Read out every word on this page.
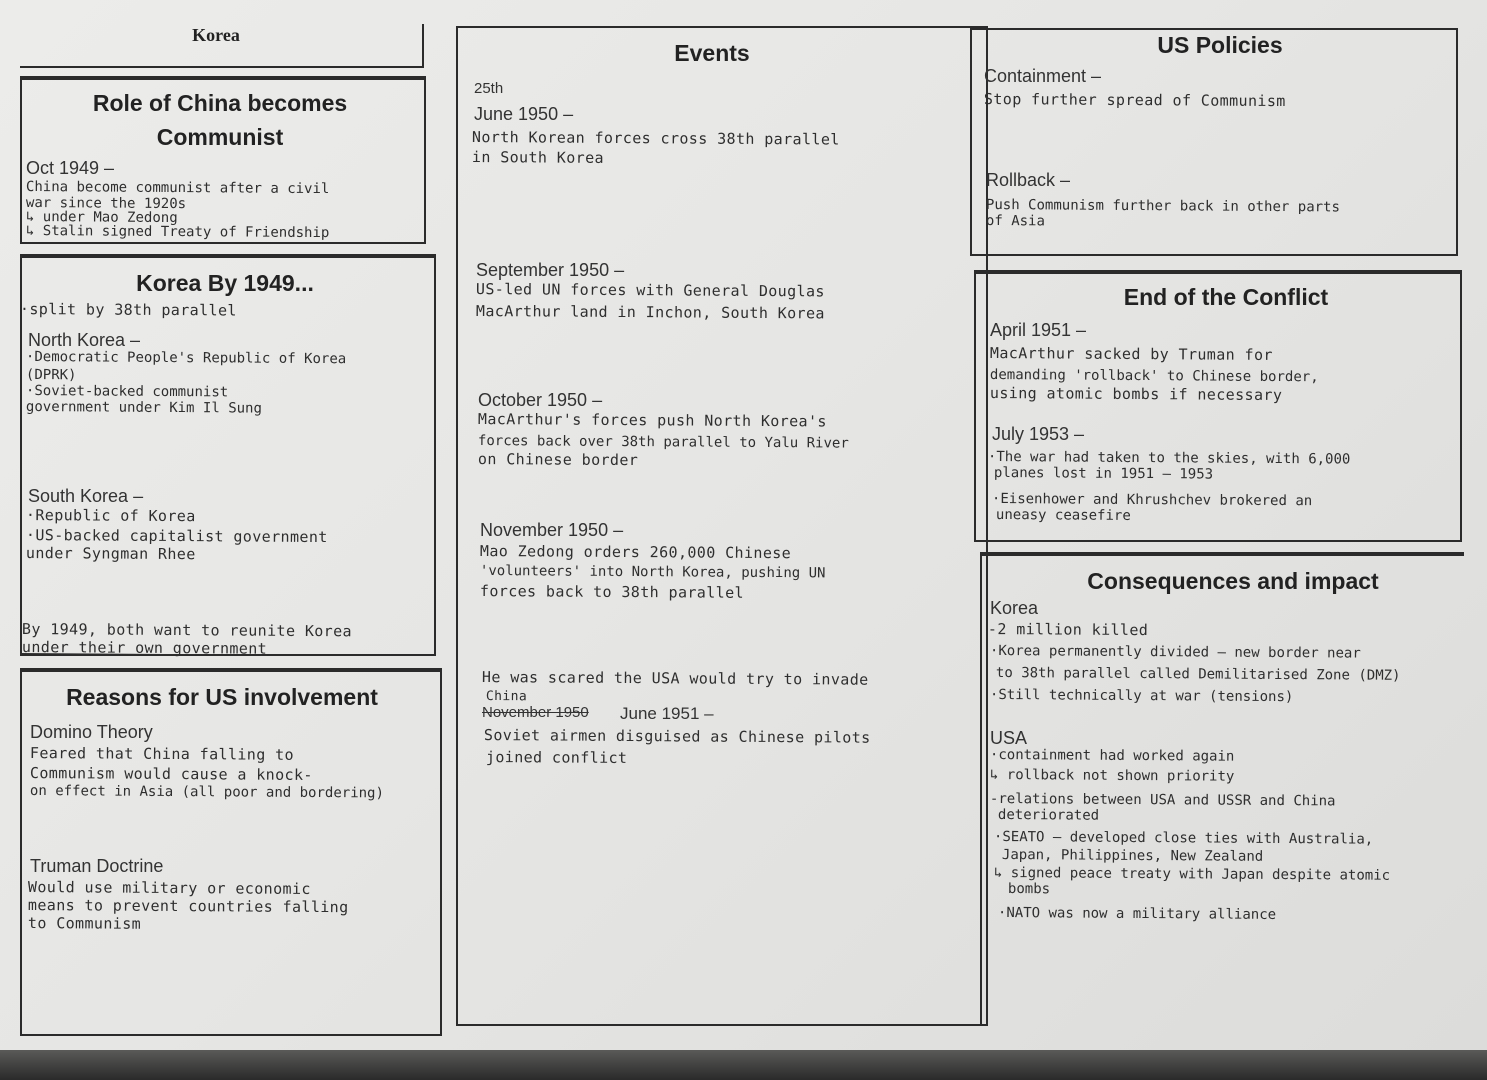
Korea
Role of China becomes
Communist
Oct 1949 –
China become communist after a civil
war since the 1920s
↳ under Mao Zedong
↳ Stalin signed Treaty of Friendship
Korea By 1949...
·split by 38th parallel
North Korea –
·Democratic People's Republic of Korea
(DPRK)
·Soviet-backed communist
government under Kim Il Sung
South Korea –
·Republic of Korea
·US-backed capitalist government
under Syngman Rhee
By 1949, both want to reunite Korea
under their own government
Reasons for US involvement
Domino Theory
Feared that China falling to
Communism would cause a knock-
on effect in Asia (all poor and bordering)
Truman Doctrine
Would use military or economic
means to prevent countries falling
to Communism
Events
25th
June 1950 –
North Korean forces cross 38th parallel
in South Korea
September 1950 –
US-led UN forces with General Douglas
MacArthur land in Inchon, South Korea
October 1950 –
MacArthur's forces push North Korea's
forces back over 38th parallel to Yalu River
on Chinese border
November 1950 –
Mao Zedong orders 260,000 Chinese
'volunteers' into North Korea, pushing UN
forces back to 38th parallel
He was scared the USA would try to invade
China
November 1950 June 1951 –
Soviet airmen disguised as Chinese pilots
joined conflict
US Policies
Containment –
Stop further spread of Communism
Rollback –
Push Communism further back in other parts
of Asia
End of the Conflict
April 1951 –
MacArthur sacked by Truman for
demanding 'rollback' to Chinese border,
using atomic bombs if necessary
July 1953 –
·The war had taken to the skies, with 6,000
planes lost in 1951 – 1953
·Eisenhower and Khrushchev brokered an
uneasy ceasefire
Consequences and impact
Korea
-2 million killed
·Korea permanently divided – new border near
to 38th parallel called Demilitarised Zone (DMZ)
·Still technically at war (tensions)
USA
·containment had worked again
↳ rollback not shown priority
-relations between USA and USSR and China
deteriorated
·SEATO – developed close ties with Australia,
Japan, Philippines, New Zealand
↳ signed peace treaty with Japan despite atomic
bombs
·NATO was now a military alliance
